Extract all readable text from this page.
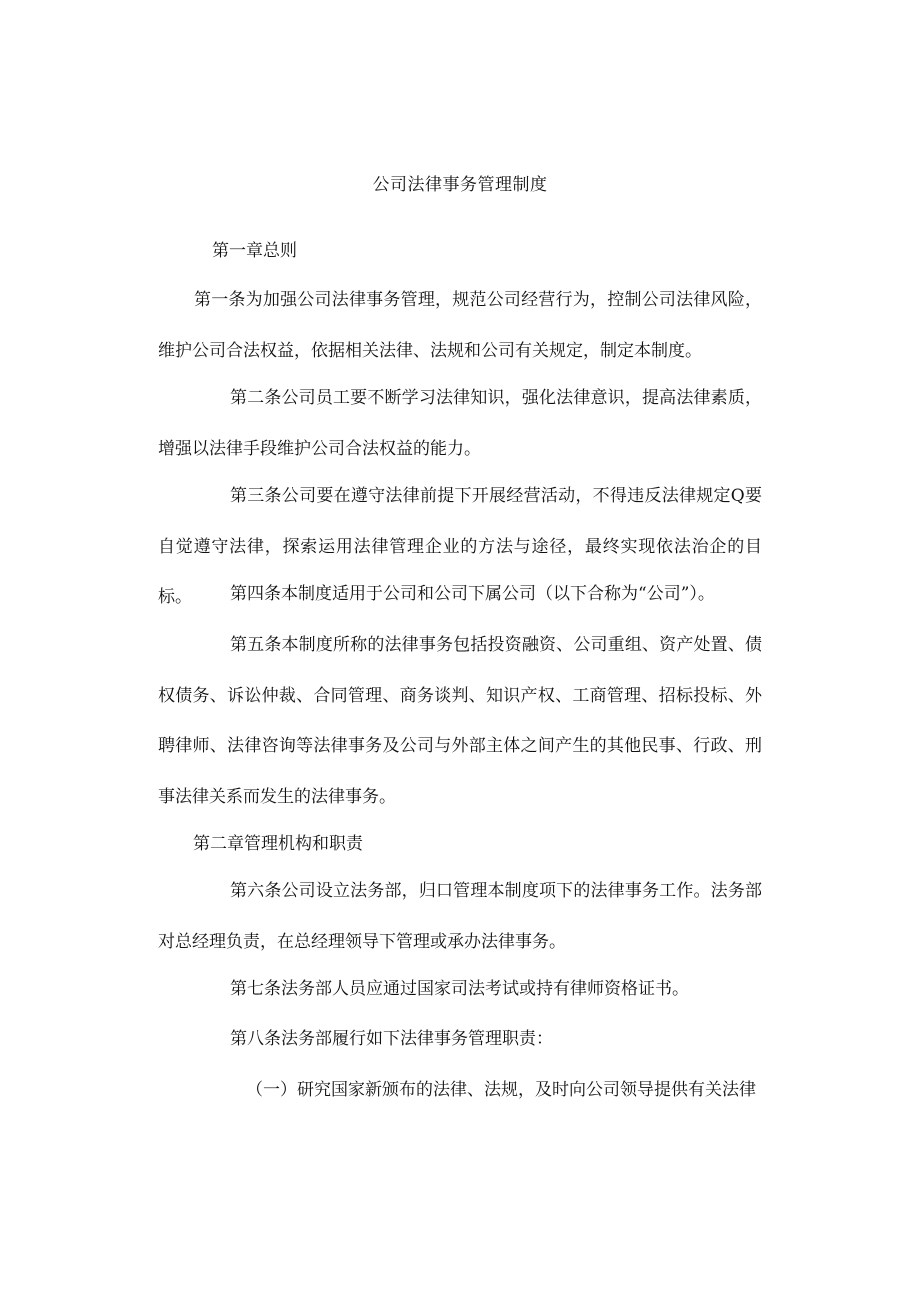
公司法律事务管理制度
第一章总则
第一条为加强公司法律事务管理，规范公司经营行为，控制公司法律风险，维护公司合法权益，依据相关法律、法规和公司有关规定，制定本制度。
第二条公司员工要不断学习法律知识，强化法律意识，提高法律素质，增强以法律手段维护公司合法权益的能力。
第三条公司要在遵守法律前提下开展经营活动，不得违反法律规定Q要自觉遵守法律，探索运用法律管理企业的方法与途径，最终实现依法治企的目标。	第四条本制度适用于公司和公司下属公司（以下合称为“公司”）。
第五条本制度所称的法律事务包括投资融资、公司重组、资产处置、债权债务、诉讼仲裁、合同管理、商务谈判、知识产权、工商管理、招标投标、外聘律师、法律咨询等法律事务及公司与外部主体之间产生的其他民事、行政、刑事法律关系而发生的法律事务。
第二章管理机构和职责
第六条公司设立法务部，归口管理本制度项下的法律事务工作。法务部对总经理负责，在总经理领导下管理或承办法律事务。
第七条法务部人员应通过国家司法考试或持有律师资格证书。
第八条法务部履行如下法律事务管理职责：
（一）研究国家新颁布的法律、法规，及时向公司领导提供有关法律
